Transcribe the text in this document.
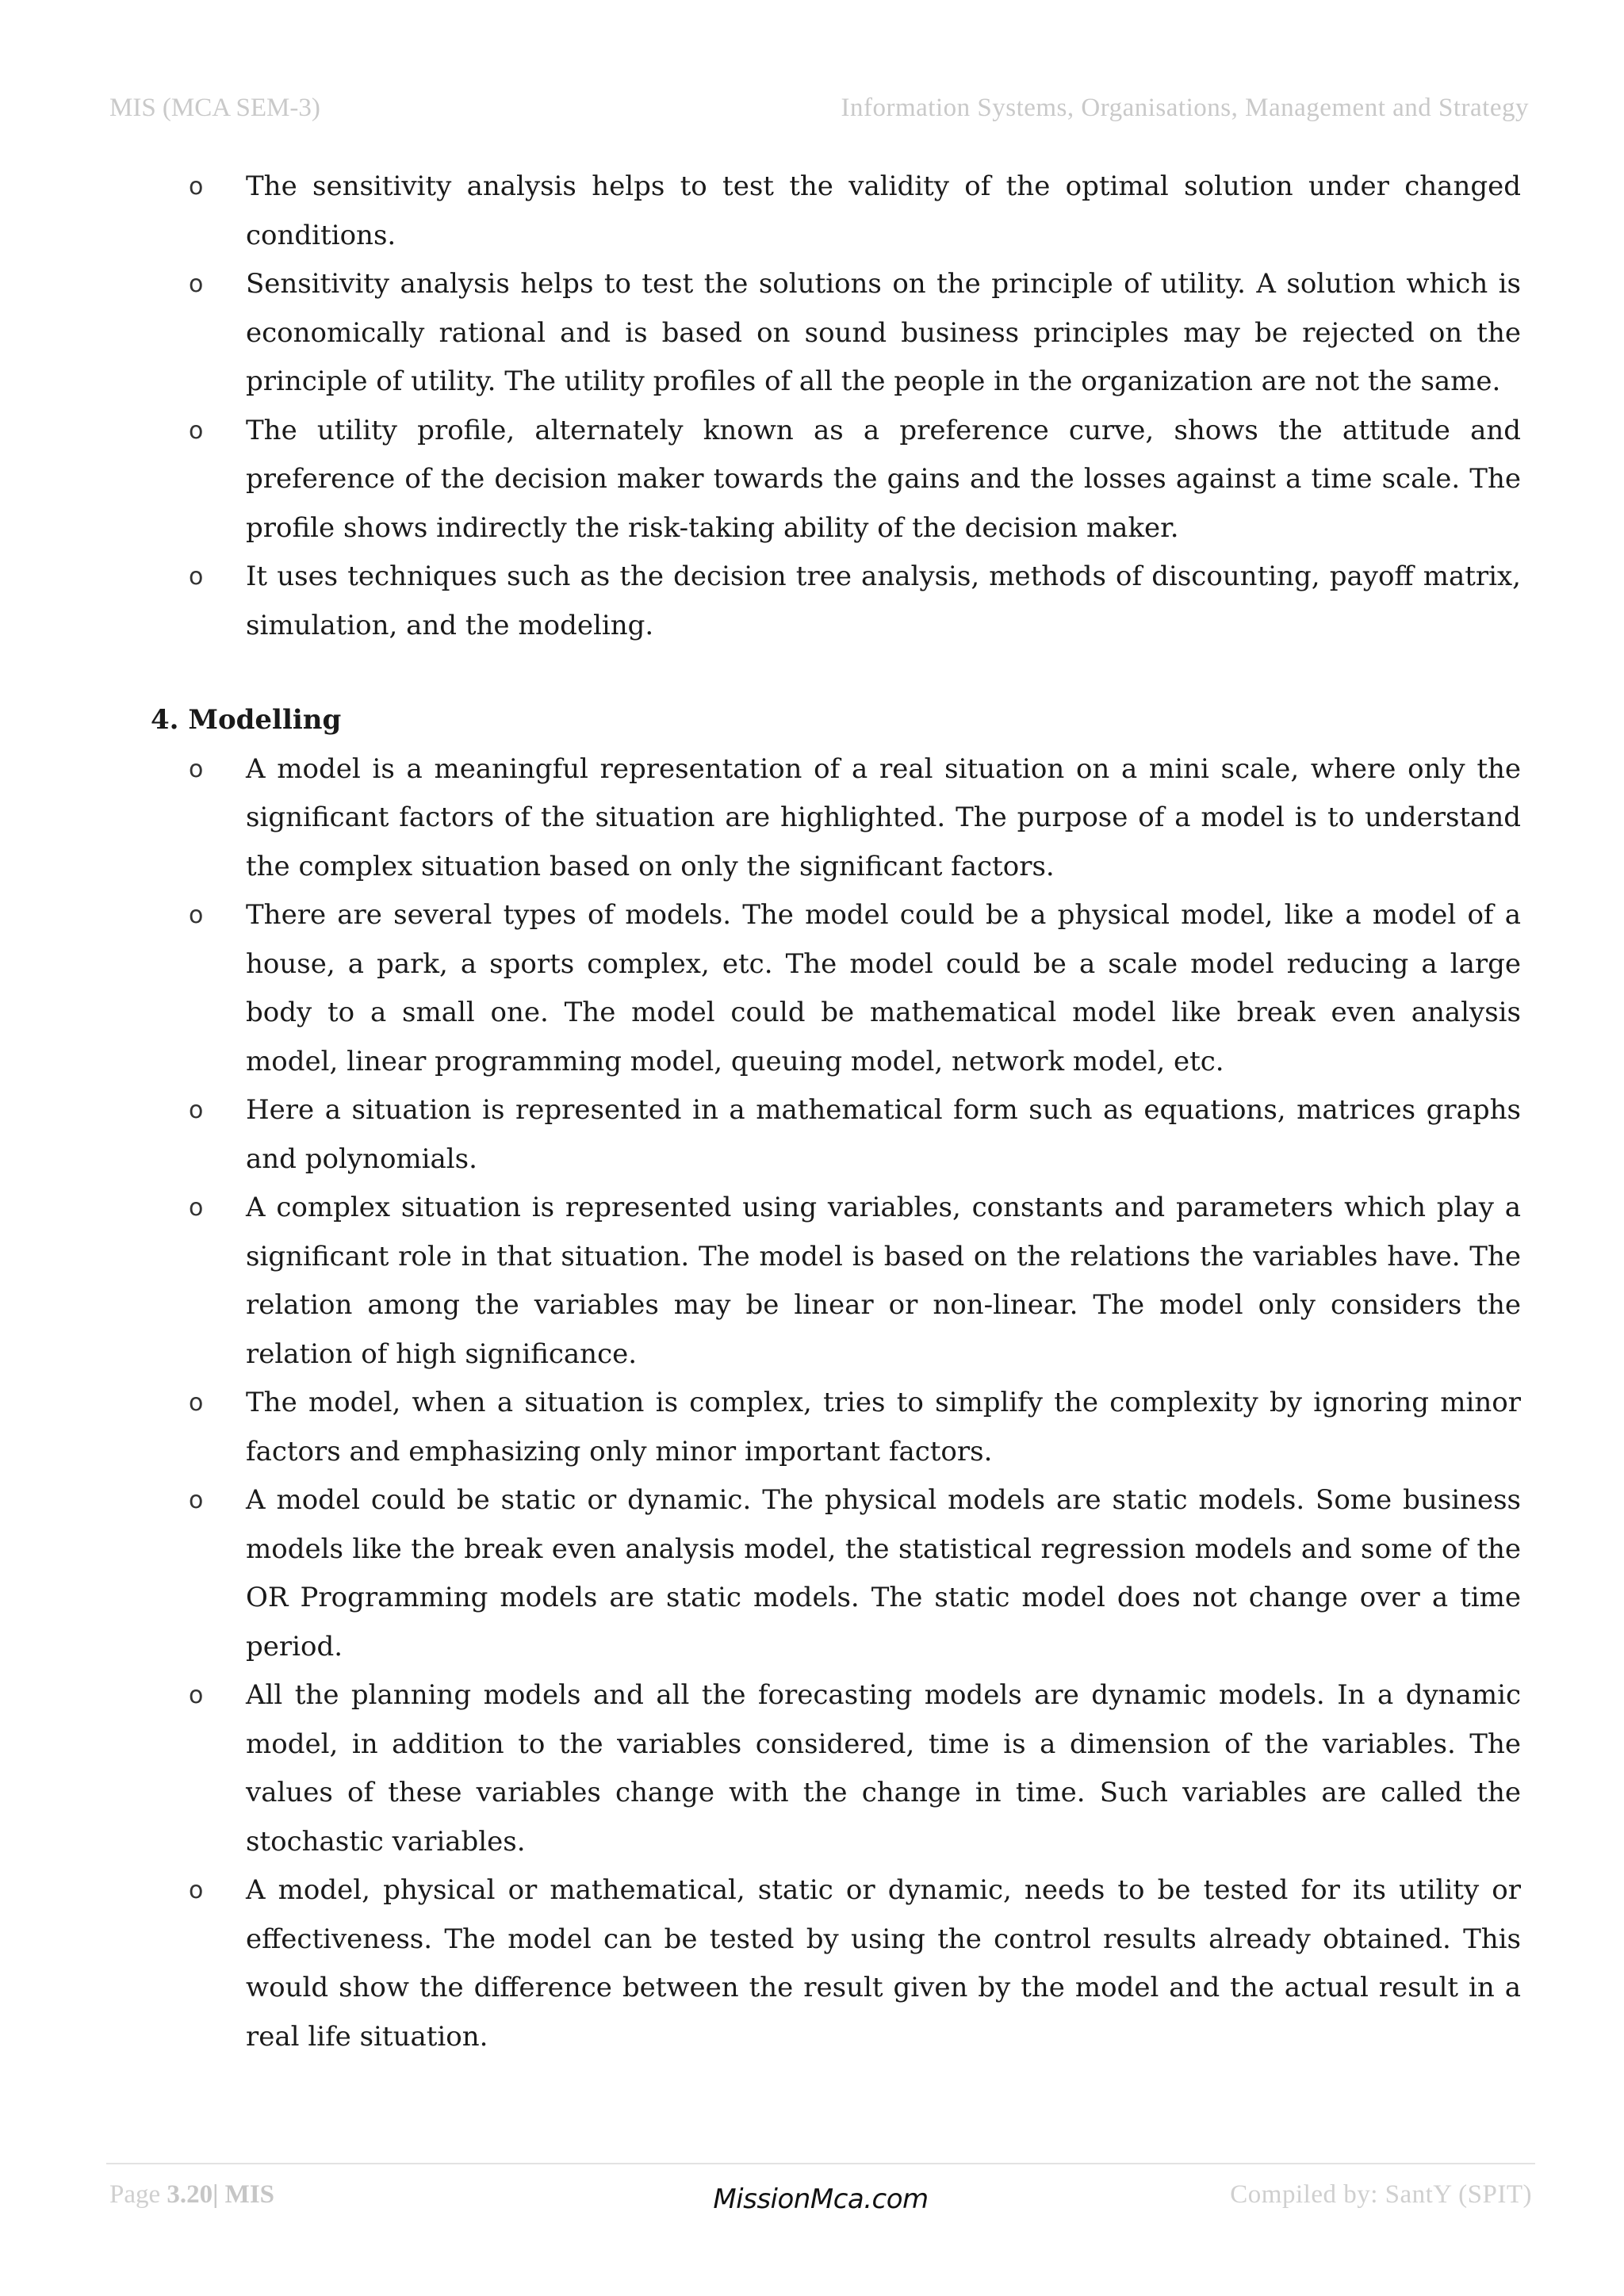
MIS (MCA SEM-3)	Information Systems, Organisations, Management and Strategy
o The sensitivity analysis helps to test the validity of the optimal solution under changed conditions.
o Sensitivity analysis helps to test the solutions on the principle of utility. A solution which is economically rational and is based on sound business principles may be rejected on the principle of utility. The utility profiles of all the people in the organization are not the same.
o The utility profile, alternately known as a preference curve, shows the attitude and preference of the decision maker towards the gains and the losses against a time scale. The profile shows indirectly the risk-taking ability of the decision maker.
o It uses techniques such as the decision tree analysis, methods of discounting, payoff matrix, simulation, and the modeling.
4. Modelling
o A model is a meaningful representation of a real situation on a mini scale, where only the significant factors of the situation are highlighted. The purpose of a model is to understand the complex situation based on only the significant factors.
o There are several types of models. The model could be a physical model, like a model of a house, a park, a sports complex, etc. The model could be a scale model reducing a large body to a small one. The model could be mathematical model like break even analysis model, linear programming model, queuing model, network model, etc.
o Here a situation is represented in a mathematical form such as equations, matrices graphs and polynomials.
o A complex situation is represented using variables, constants and parameters which play a significant role in that situation. The model is based on the relations the variables have. The relation among the variables may be linear or non-linear. The model only considers the relation of high significance.
o The model, when a situation is complex, tries to simplify the complexity by ignoring minor factors and emphasizing only minor important factors.
o A model could be static or dynamic. The physical models are static models. Some business models like the break even analysis model, the statistical regression models and some of the OR Programming models are static models. The static model does not change over a time period.
o All the planning models and all the forecasting models are dynamic models. In a dynamic model, in addition to the variables considered, time is a dimension of the variables. The values of these variables change with the change in time. Such variables are called the stochastic variables.
o A model, physical or mathematical, static or dynamic, needs to be tested for its utility or effectiveness. The model can be tested by using the control results already obtained. This would show the difference between the result given by the model and the actual result in a real life situation.
Page 3.20| MIS	MissionMca.com	Compiled by: SantY (SPIT)
